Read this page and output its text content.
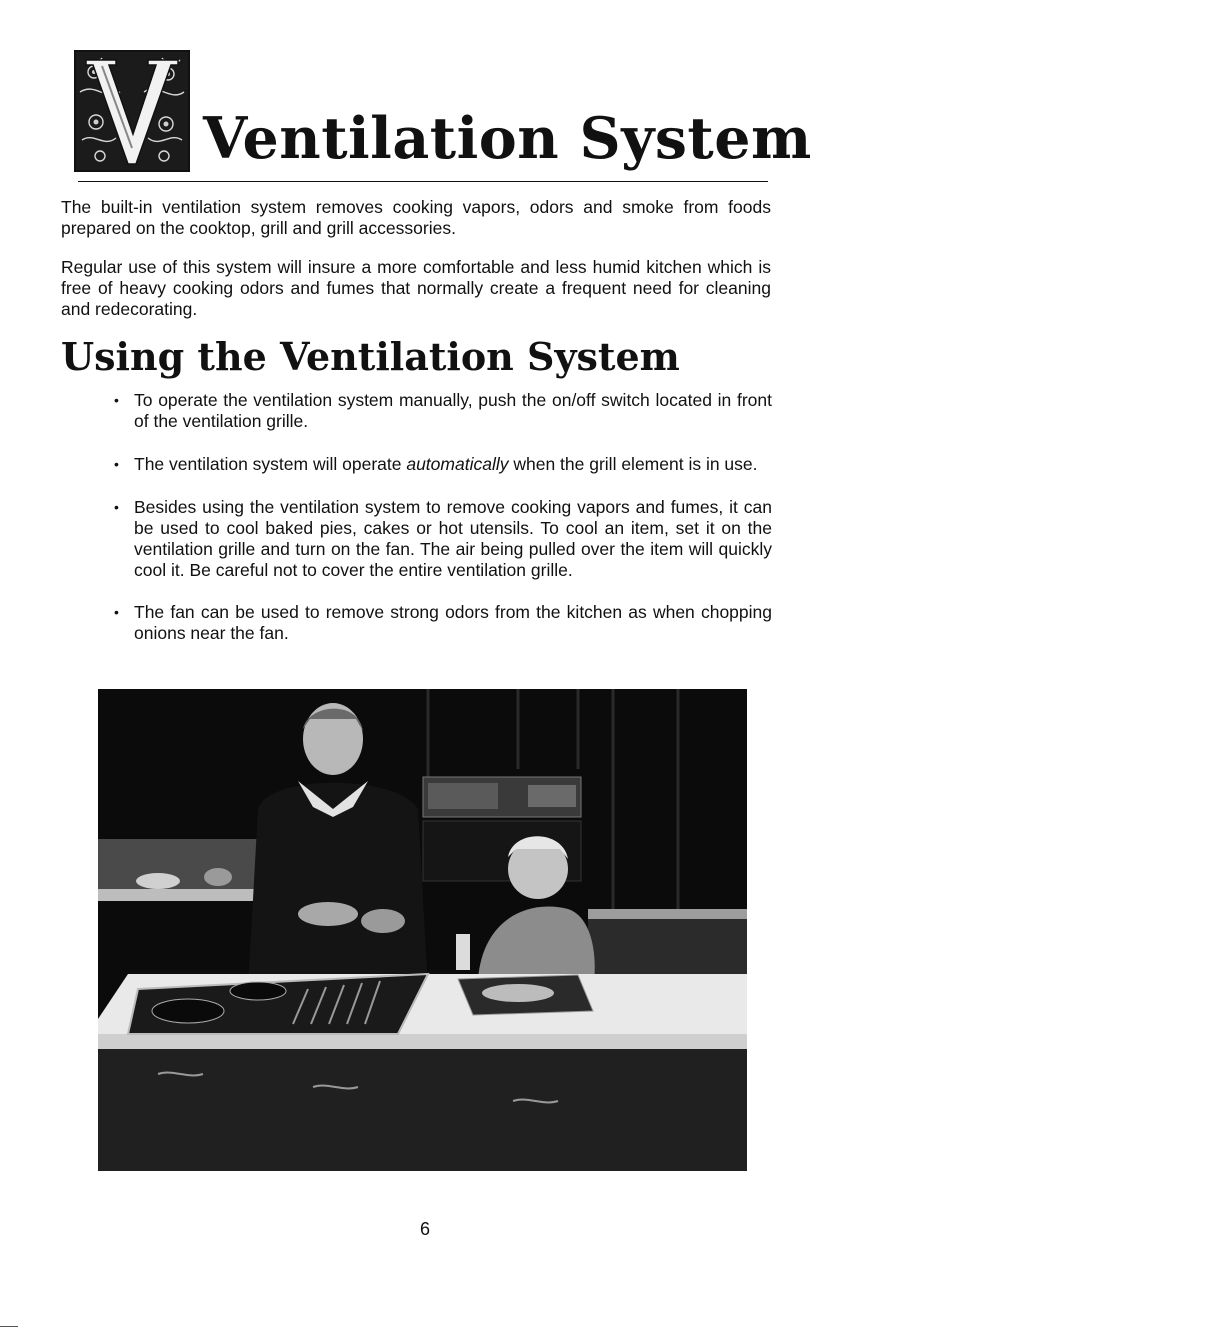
Ventilation System

The built-in ventilation system removes cooking vapors, odors and smoke from foods prepared on the cooktop, grill and grill accessories.

Regular use of this system will insure a more comfortable and less humid kitchen which is free of heavy cooking odors and fumes that normally create a frequent need for cleaning and redecorating.

Using the Ventilation System
• To operate the ventilation system manually, push the on/off switch located in front of the ventilation grille.
• The ventilation system will operate automatically when the grill element is in use.
• Besides using the ventilation system to remove cooking vapors and fumes, it can be used to cool baked pies, cakes or hot utensils. To cool an item, set it on the ventilation grille and turn on the fan. The air being pulled over the item will quickly cool it. Be careful not to cover the entire ventilation grille.
• The fan can be used to remove strong odors from the kitchen as when chopping onions near the fan.

6
